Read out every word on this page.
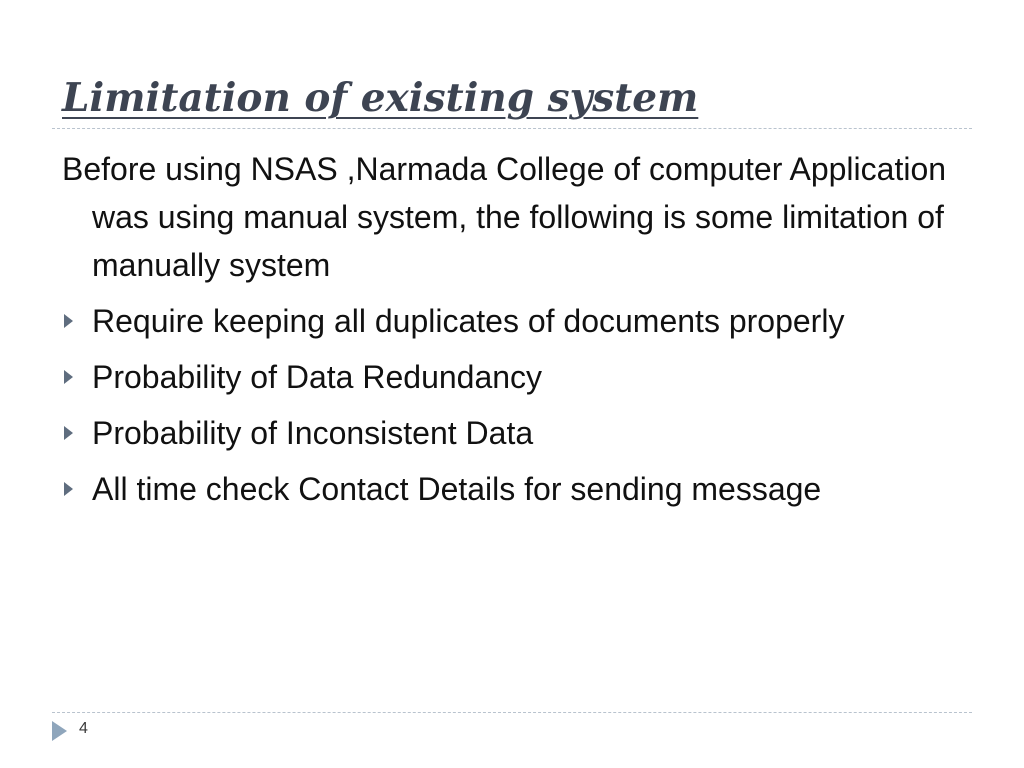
Limitation of existing system

Before using NSAS ,Narmada College of computer Application was using manual system, the following is some limitation of manually system

Require keeping all duplicates of documents properly
Probability of Data Redundancy
Probability of Inconsistent Data
All time check Contact Details for sending message
4
